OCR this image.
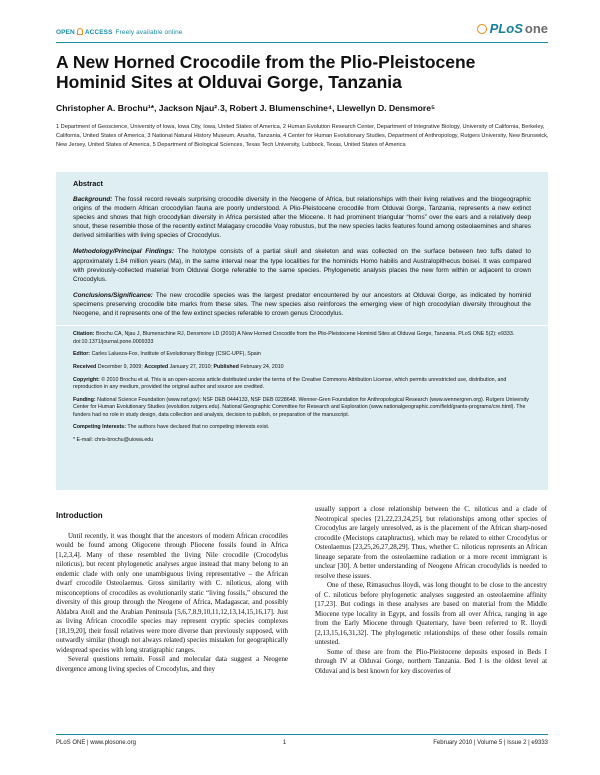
OPEN ACCESS Freely available online	PLoS one
A New Horned Crocodile from the Plio-Pleistocene Hominid Sites at Olduvai Gorge, Tanzania
Christopher A. Brochu¹*, Jackson Njau²˒3, Robert J. Blumenschine⁴, Llewellyn D. Densmore⁵
1 Department of Geoscience, University of Iowa, Iowa City, Iowa, United States of America, 2 Human Evolution Research Center, Department of Integrative Biology, University of California, Berkeley, California, United States of America, 3 National Natural History Museum, Arusha, Tanzania, 4 Center for Human Evolutionary Studies, Department of Anthropology, Rutgers University, New Brunswick, New Jersey, United States of America, 5 Department of Biological Sciences, Texas Tech University, Lubbock, Texas, United States of America
Abstract

Background: The fossil record reveals surprising crocodile diversity in the Neogene of Africa, but relationships with their living relatives and the biogeographic origins of the modern African crocodylian fauna are poorly understood. A Plio-Pleistocene crocodile from Olduvai Gorge, Tanzania, represents a new extinct species and shows that high crocodylian diversity in Africa persisted after the Miocene. It had prominent triangular “horns” over the ears and a relatively deep snout, these resemble those of the recently extinct Malagasy crocodile Voay robustus, but the new species lacks features found among osteolaemines and shares derived similarities with living species of Crocodylus.

Methodology/Principal Findings: The holotype consists of a partial skull and skeleton and was collected on the surface between two tuffs dated to approximately 1.84 million years (Ma), in the same interval near the type localities for the hominids Homo habilis and Australopithecus boisei. It was compared with previously-collected material from Olduvai Gorge referable to the same species. Phylogenetic analysis places the new form within or adjacent to crown Crocodylus.

Conclusions/Significance: The new crocodile species was the largest predator encountered by our ancestors at Olduvai Gorge, as indicated by hominid specimens preserving crocodile bite marks from these sites. The new species also reinforces the emerging view of high crocodylian diversity throughout the Neogene, and it represents one of the few extinct species referable to crown genus Crocodylus.

Citation: Brochu CA, Njau J, Blumenschine RJ, Densmore LD (2010) A New Horned Crocodile from the Plio-Pleistocene Hominid Sites at Olduvai Gorge, Tanzania. PLoS ONE 5(2): e9333. doi:10.1371/journal.pone.0009333

Editor: Carles Lalueza-Fox, Institute of Evolutionary Biology (CSIC-UPF), Spain

Received December 9, 2009; Accepted January 27, 2010; Published February 24, 2010

Copyright: © 2010 Brochu et al. This is an open-access article distributed under the terms of the Creative Commons Attribution License, which permits unrestricted use, distribution, and reproduction in any medium, provided the original author and source are credited.

Funding: National Science Foundation (www.nsf.gov): NSF DEB 0444133, NSF DEB 0228648. Wenner-Gren Foundation for Anthropological Research (www.wennergren.org). Rutgers University Center for Human Evolutionary Studies (evolution.rutgers.edu). National Geographic Committee for Research and Exploration (www.nationalgeographic.com/field/grants-programs/cre.html). The funders had no role in study design, data collection and analysis, decision to publish, or preparation of the manuscript.

Competing Interests: The authors have declared that no competing interests exist.

* E-mail: chris-brochu@uiowa.edu

Introduction

Until recently, it was thought that the ancestors of modern African crocodiles would be found among Oligocene through Pliocene fossils found in Africa [1,2,3,4]. Many of these resembled the living Nile crocodile (Crocodylus niloticus), but recent phylogenetic analyses argue instead that many belong to an endemic clade with only one unambiguous living representative – the African dwarf crocodile Osteolaemus. Gross similarity with C. niloticus, along with misconceptions of crocodiles as evolutionarily static “living fossils,” obscured the diversity of this group through the Neogene of Africa, Madagascar, and possibly Aldabra Atoll and the Arabian Peninsula [5,6,7,8,9,10,11,12,13,14,15,16,17]. Just as living African crocodile species may represent cryptic species complexes [18,19,20], their fossil relatives were more diverse than previously supposed, with outwardly similar (though not always related) species mistaken for geographically widespread species with long stratigraphic ranges.

Several questions remain. Fossil and molecular data suggest a Neogene divergence among living species of Crocodylus, and they

usually support a close relationship between the C. niloticus and a clade of Neotropical species [21,22,23,24,25], but relationships among other species of Crocodylus are largely unresolved, as is the placement of the African sharp-nosed crocodile (Mecistops cataphractus), which may be related to either Crocodylus or Osteolaemus [23,25,26,27,28,29]. Thus, whether C. niloticus represents an African lineage separate from the osteolaemine radiation or a more recent immigrant is unclear [30]. A better understanding of Neogene African crocodylids is needed to resolve these issues.

One of these, Rimasuchus lloydi, was long thought to be close to the ancestry of C. niloticus before phylogenetic analyses suggested an osteolaemine affinity [17,23]. But codings in these analyses are based on material from the Middle Miocene type locality in Egypt, and fossils from all over Africa, ranging in age from the Early Miocene through Quaternary, have been referred to R. lloydi [2,13,15,16,31,32]. The phylogenetic relationships of these other fossils remain untested.

Some of these are from the Plio-Pleistocene deposits exposed in Beds I through IV at Olduvai Gorge, northern Tanzania. Bed I is the oldest level at Olduvai and is best known for key discoveries of

PLoS ONE | www.plosone.org	1	February 2010 | Volume 5 | Issue 2 | e9333
